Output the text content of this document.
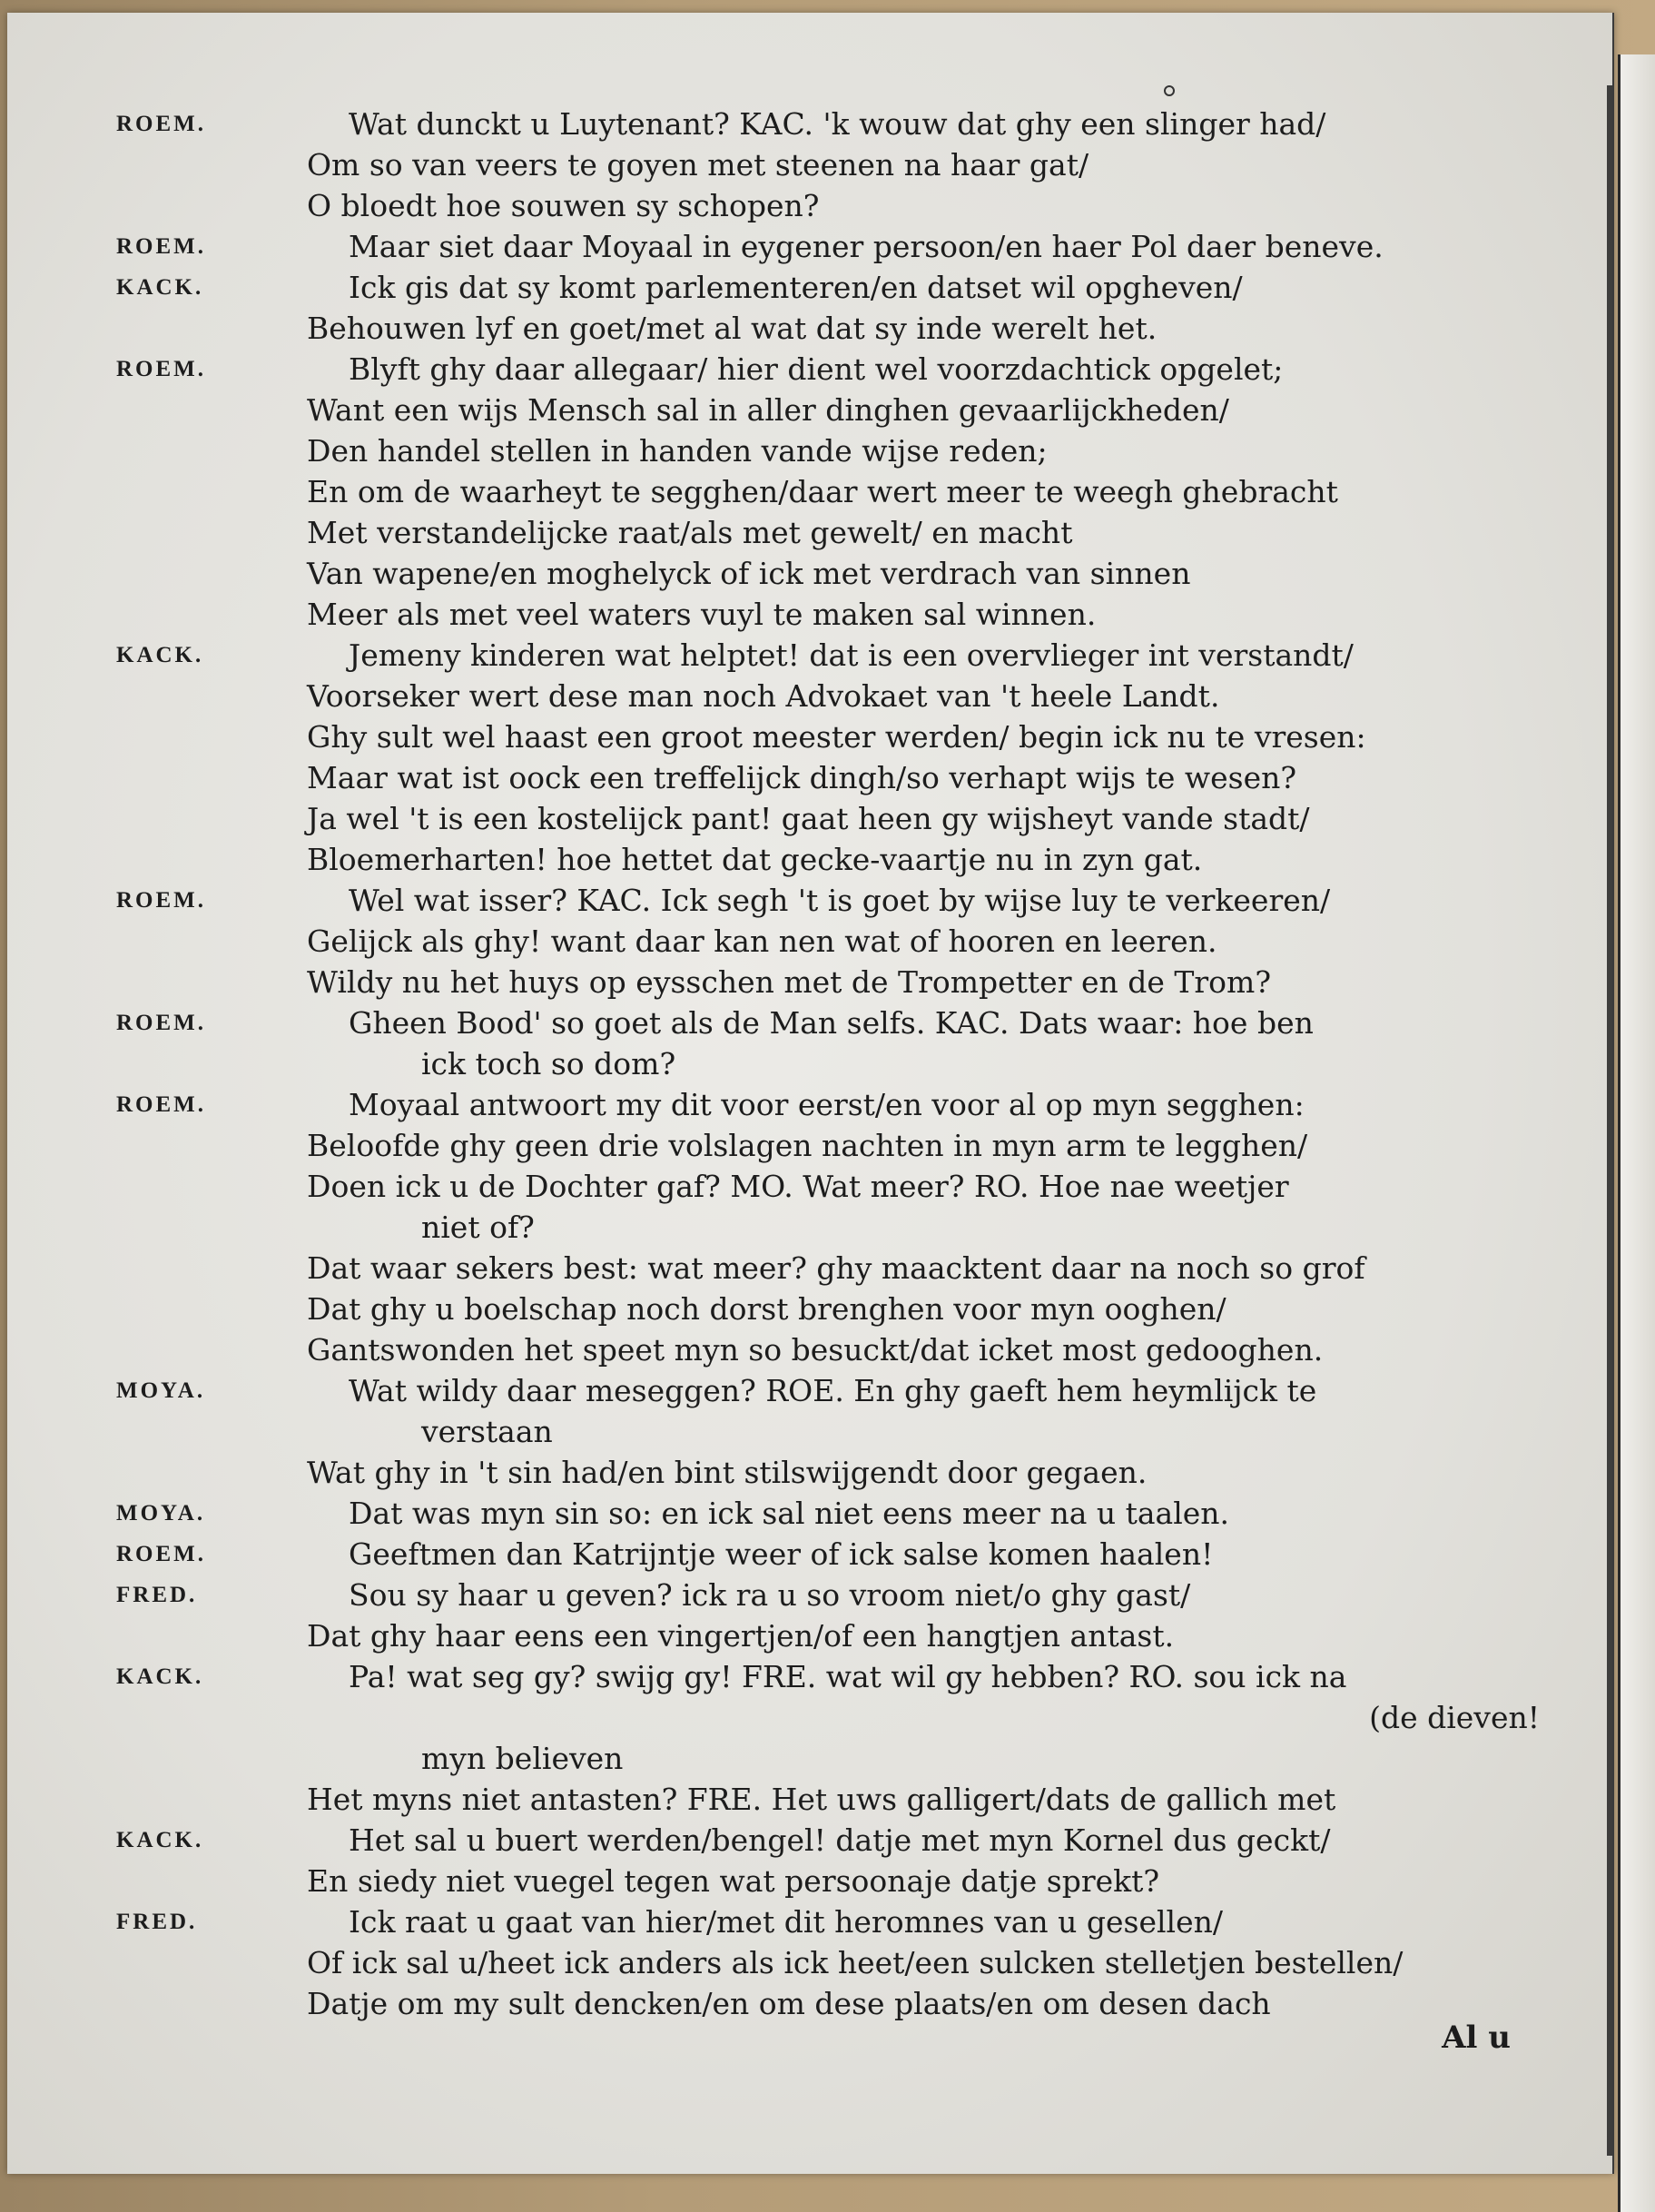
ROEM.	Wat dunckt u Luytenant? KAC. 'k wouw dat ghy een slinger had/
Om so van veers te goyen met steenen na haar gat/
O bloedt hoe souwen sy schopen?
ROEM.	Maar siet daar Moyaal in eygener persoon/en haer Pol daer beneve.
KACK.	Ick gis dat sy komt parlementeren/en datset wil opgheven/
Behouwen lyf en goet/met al wat dat sy inde werelt het.
ROEM.	Blyft ghy daar allegaar/ hier dient wel voorzdachtick opgelet;
Want een wijs Mensch sal in aller dinghen gevaarlijckheden/
Den handel stellen in handen vande wijse reden;
En om de waarheyt te segghen/daar wert meer te weegh ghebracht
Met verstandelijcke raat/als met gewelt/ en macht
Van wapene/en moghelyck of ick met verdrach van sinnen
Meer als met veel waters vuyl te maken sal winnen.
KACK.	Jemeny kinderen wat helptet! dat is een overvlieger int verstandt/
Voorseker wert dese man noch Advokaet van 't heele Landt.
Ghy sult wel haast een groot meester werden/ begin ick nu te vresen:
Maar wat ist oock een treffelijck dingh/so verhapt wijs te wesen?
Ja wel 't is een kostelijck pant! gaat heen gy wijsheyt vande stadt/
Bloemerharten! hoe hettet dat gecke-vaartje nu in zyn gat.
ROEM.	Wel wat isser? KAC. Ick segh 't is goet by wijse luy te verkeeren/
Gelijck als ghy! want daar kan nen wat of hooren en leeren.
Wildy nu het huys op eysschen met de Trompetter en de Trom?
ROEM.	Gheen Bood' so goet als de Man selfs. KAC. Dats waar: hoe ben
ick toch so dom?
ROEM.	Moyaal antwoort my dit voor eerst/en voor al op myn segghen:
Beloofde ghy geen drie volslagen nachten in myn arm te legghen/
Doen ick u de Dochter gaf? MO. Wat meer? RO. Hoe nae weetjer
niet of?
Dat waar sekers best: wat meer? ghy maacktent daar na noch so grof
Dat ghy u boelschap noch dorst brenghen voor myn ooghen/
Gantswonden het speet myn so besuckt/dat icket most gedooghen.
MOYA.	Wat wildy daar meseggen? ROE. En ghy gaeft hem heymlijck te
verstaan
Wat ghy in 't sin had/en bint stilswijgendt door gegaen.
MOYA.	Dat was myn sin so: en ick sal niet eens meer na u taalen.
ROEM.	Geeftmen dan Katrijntje weer of ick salse komen haalen!
FRED.	Sou sy haar u geven? ick ra u so vroom niet/o ghy gast/
Dat ghy haar eens een vingertjen/of een hangtjen antast.
KACK.	Pa! wat seg gy? swijg gy! FRE. wat wil gy hebben? RO. sou ick na
(de dieven!
myn believen
Het myns niet antasten? FRE. Het uws galligert/dats de gallich met
KACK.	Het sal u buert werden/bengel! datje met myn Kornel dus geckt/
En siedy niet vuegel tegen wat persoonaje datje sprekt?
FRED.	Ick raat u gaat van hier/met dit heromnes van u gesellen/
Of ick sal u/heet ick anders als ick heet/een sulcken stelletjen bestellen/
Datje om my sult dencken/en om dese plaats/en om desen dach
Al u
